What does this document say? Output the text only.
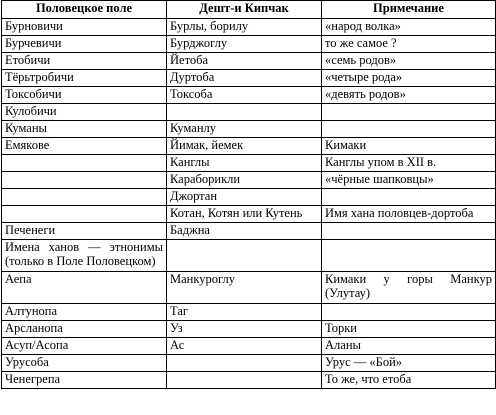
Половецкое поле	Дешт-и Кипчак	Примечание
Бурновичи	Бурлы, борилу	«народ волка»
Бурчевичи	Бурджоглу	то же самое ?
Етобичи	Йетоба	«семь родов»
Тёрьтробичи	Дуртоба	«четыре рода»
Токсобичи	Токсоба	«девять родов»
Кулобичи		
Куманы	Куманлу	
Емякове	Йимак, йемек	Кимаки
	Канглы	Канглы упом в XII в.
	Караборикли	«чёрные шапковцы»
	Джортан	
	Котан, Котян или Кутень	Имя хана половцев-дортоба
Печенеги	Баджна	
Имена ханов — этнонимы (только в Поле Половецком)		
Аепа	Манкуроглу	Кимаки у горы Манкур (Улутау)
Алтунопа	Таг	
Арсланопа	Уз	Торки
Асуп/Асопа	Ас	Аланы
Урусоба		Урус — «Бой»
Ченегрепа		То же, что етоба
